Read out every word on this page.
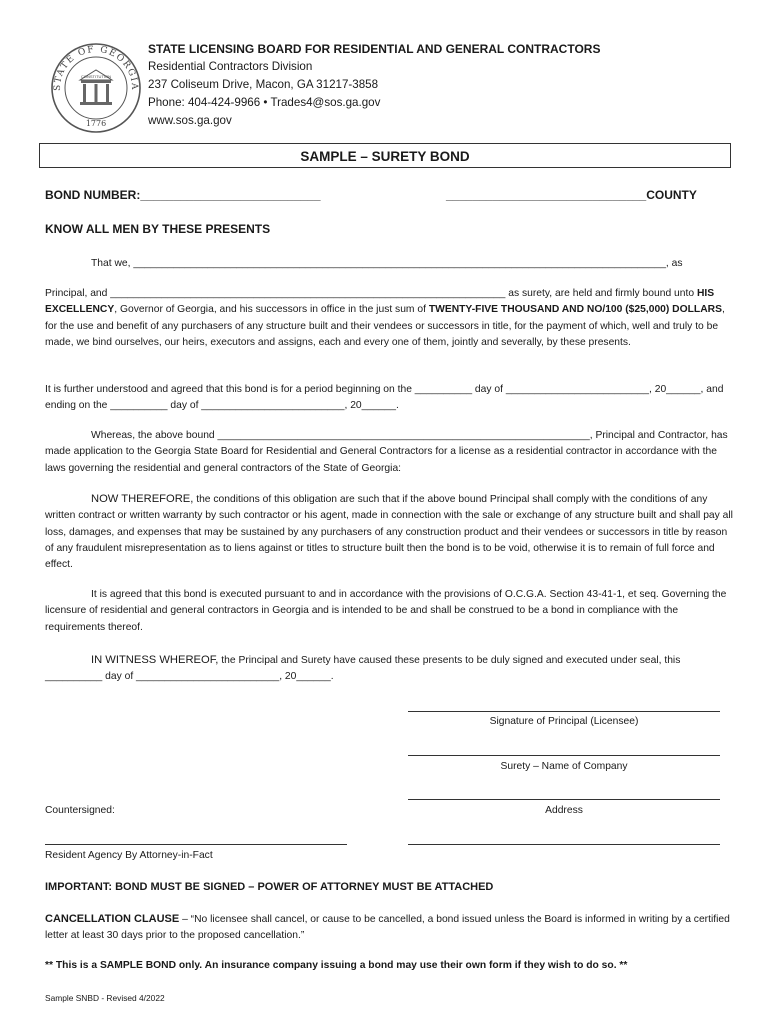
STATE OF GEORGIA
CONSTITUTION
1776
STATE LICENSING BOARD FOR RESIDENTIAL AND GENERAL CONTRACTORS
Residential Contractors Division
237 Coliseum Drive, Macon, GA 31217-3858
Phone: 404-424-9966 • Trades4@sos.ga.gov
www.sos.ga.gov
SAMPLE – SURETY BOND
BOND NUMBER:___________________________	______________________________COUNTY
KNOW ALL MEN BY THESE PRESENTS
That we, _____________________________________________________________________________________________, as
Principal, and _____________________________________________________________________ as surety, are held and firmly bound unto HIS EXCELLENCY, Governor of Georgia, and his successors in office in the just sum of TWENTY-FIVE THOUSAND AND NO/100 ($25,000) DOLLARS, for the use and benefit of any purchasers of any structure built and their vendees or successors in title, for the payment of which, well and truly to be made, we bind ourselves, our heirs, executors and assigns, each and every one of them, jointly and severally, by these presents.
It is further understood and agreed that this bond is for a period beginning on the __________ day of _________________________, 20______, and ending on the __________ day of _________________________, 20______.
Whereas, the above bound _________________________________________________________________, Principal and Contractor, has made application to the Georgia State Board for Residential and General Contractors for a license as a residential contractor in accordance with the laws governing the residential and general contractors of the State of Georgia:
NOW THEREFORE, the conditions of this obligation are such that if the above bound Principal shall comply with the conditions of any written contract or written warranty by such contractor or his agent, made in connection with the sale or exchange of any structure built and shall pay all loss, damages, and expenses that may be sustained by any purchasers of any construction product and their vendees or successors in title by reason of any fraudulent misrepresentation as to liens against or titles to structure built then the bond is to be void, otherwise it is to remain of full force and effect.
It is agreed that this bond is executed pursuant to and in accordance with the provisions of O.C.G.A. Section 43-41-1, et seq. Governing the licensure of residential and general contractors in Georgia and is intended to be and shall be construed to be a bond in compliance with the requirements thereof.
IN WITNESS WHEREOF, the Principal and Surety have caused these presents to be duly signed and executed under seal, this __________ day of _________________________, 20______.
Signature of Principal (Licensee)
Surety – Name of Company
Address
Countersigned:
Resident Agency By Attorney-in-Fact
IMPORTANT: BOND MUST BE SIGNED – POWER OF ATTORNEY MUST BE ATTACHED
CANCELLATION CLAUSE – “No licensee shall cancel, or cause to be cancelled, a bond issued unless the Board is informed in writing by a certified letter at least 30 days prior to the proposed cancellation.”
** This is a SAMPLE BOND only. An insurance company issuing a bond may use their own form if they wish to do so. **
Sample SNBD - Revised 4/2022
